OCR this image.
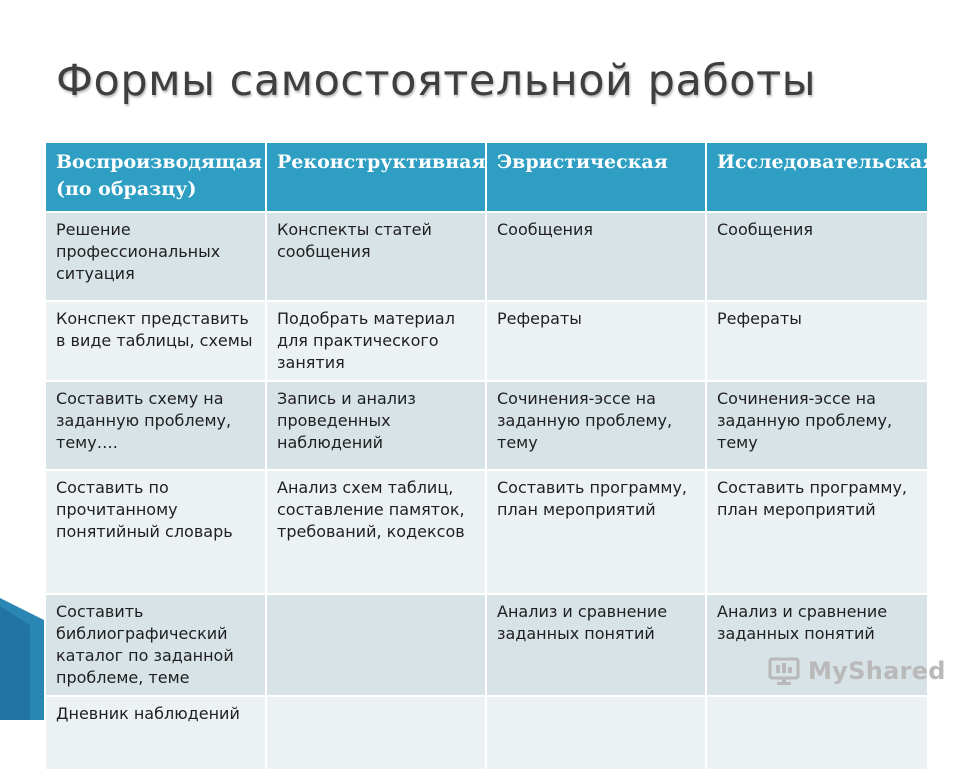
Формы самостоятельной работы
Воспроизводящая (по образцу)	Реконструктивная	Эвристическая	Исследовательская
Решение профессиональных ситуация	Конспекты статей сообщения	Сообщения	Сообщения
Конспект представить в виде таблицы, схемы	Подобрать материал для практического занятия	Рефераты	Рефераты
Составить схему на заданную проблему, тему….	Запись и анализ проведенных наблюдений	Сочинения-эссе на заданную проблему, тему	Сочинения-эссе на заданную проблему, тему
Составить по прочитанному понятийный словарь	Анализ схем таблиц, составление памяток, требований, кодексов	Составить программу, план мероприятий	Составить программу, план мероприятий
Составить библиографический каталог по заданной проблеме, теме		Анализ и сравнение заданных понятий	Анализ и сравнение заданных понятий
Дневник наблюдений			
MyShared
